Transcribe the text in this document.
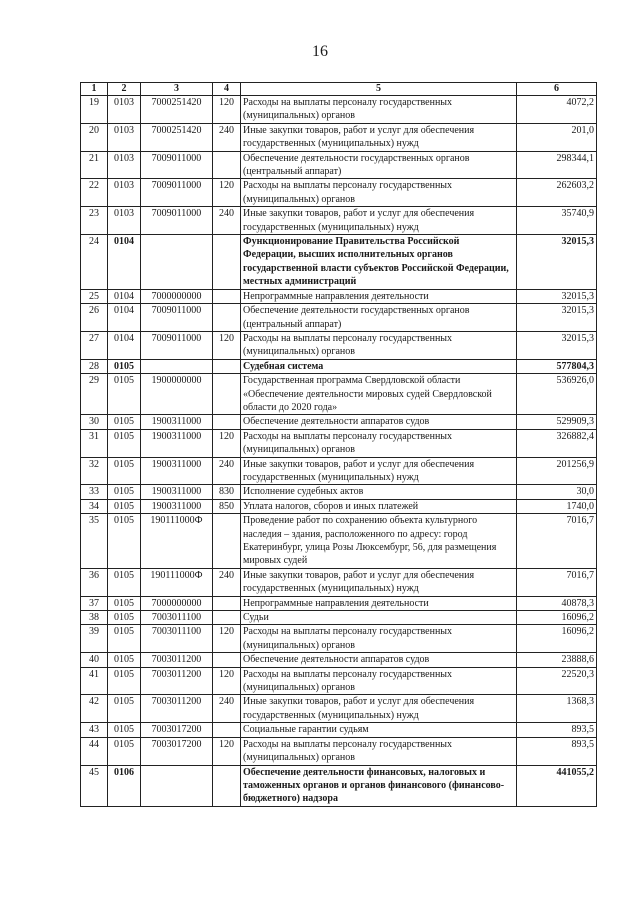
16
1	2	3	4	5	6
19	0103	7000251420	120	Расходы на выплаты персоналу государственных (муниципальных) органов	4072,2
20	0103	7000251420	240	Иные закупки товаров, работ и услуг для обеспечения государственных (муниципальных) нужд	201,0
21	0103	7009011000		Обеспечение деятельности государственных органов (центральный аппарат)	298344,1
22	0103	7009011000	120	Расходы на выплаты персоналу государственных (муниципальных) органов	262603,2
23	0103	7009011000	240	Иные закупки товаров, работ и услуг для обеспечения государственных (муниципальных) нужд	35740,9
24	0104			Функционирование Правительства Российской Федерации, высших исполнительных органов государственной власти субъектов Российской Федерации, местных администраций	32015,3
25	0104	7000000000		Непрограммные направления деятельности	32015,3
26	0104	7009011000		Обеспечение деятельности государственных органов (центральный аппарат)	32015,3
27	0104	7009011000	120	Расходы на выплаты персоналу государственных (муниципальных) органов	32015,3
28	0105			Судебная система	577804,3
29	0105	1900000000		Государственная программа Свердловской области «Обеспечение деятельности мировых судей Свердловской области до 2020 года»	536926,0
30	0105	1900311000		Обеспечение деятельности аппаратов судов	529909,3
31	0105	1900311000	120	Расходы на выплаты персоналу государственных (муниципальных) органов	326882,4
32	0105	1900311000	240	Иные закупки товаров, работ и услуг для обеспечения государственных (муниципальных) нужд	201256,9
33	0105	1900311000	830	Исполнение судебных актов	30,0
34	0105	1900311000	850	Уплата налогов, сборов и иных платежей	1740,0
35	0105	190111000Ф		Проведение работ по сохранению объекта культурного наследия – здания, расположенного по адресу: город Екатеринбург, улица Розы Люксембург, 56, для размещения мировых судей	7016,7
36	0105	190111000Ф	240	Иные закупки товаров, работ и услуг для обеспечения государственных (муниципальных) нужд	7016,7
37	0105	7000000000		Непрограммные направления деятельности	40878,3
38	0105	7003011100		Судьи	16096,2
39	0105	7003011100	120	Расходы на выплаты персоналу государственных (муниципальных) органов	16096,2
40	0105	7003011200		Обеспечение деятельности аппаратов судов	23888,6
41	0105	7003011200	120	Расходы на выплаты персоналу государственных (муниципальных) органов	22520,3
42	0105	7003011200	240	Иные закупки товаров, работ и услуг для обеспечения государственных (муниципальных) нужд	1368,3
43	0105	7003017200		Социальные гарантии судьям	893,5
44	0105	7003017200	120	Расходы на выплаты персоналу государственных (муниципальных) органов	893,5
45	0106			Обеспечение деятельности финансовых, налоговых и таможенных органов и органов финансового (финансово-бюджетного) надзора	441055,2
